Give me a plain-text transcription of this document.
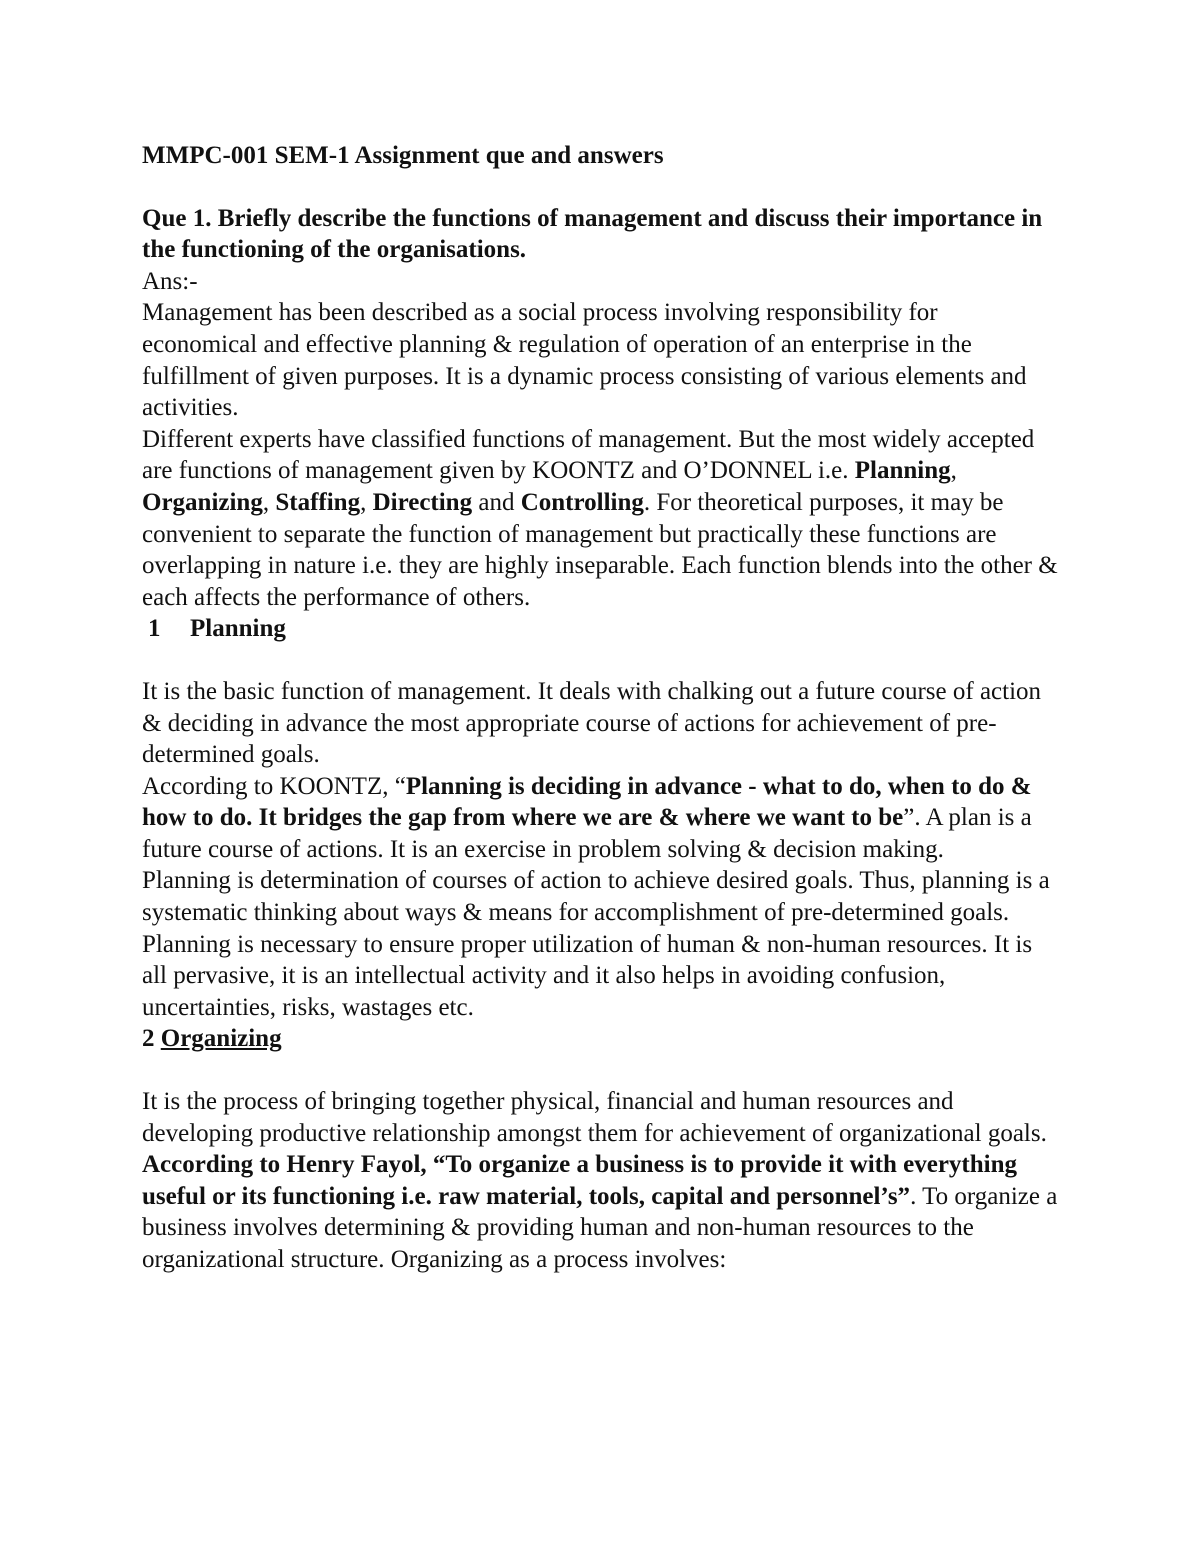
MMPC-001 SEM-1 Assignment que and answers

Que 1. Briefly describe the functions of management and discuss their importance in the functioning of the organisations.

Ans:-

Management has been described as a social process involving responsibility for economical and effective planning & regulation of operation of an enterprise in the fulfillment of given purposes. It is a dynamic process consisting of various elements and activities.

Different experts have classified functions of management. But the most widely accepted are functions of management given by KOONTZ and O’DONNEL i.e. Planning, Organizing, Staffing, Directing and Controlling. For theoretical purposes, it may be convenient to separate the function of management but practically these functions are overlapping in nature i.e. they are highly inseparable. Each function blends into the other & each affects the performance of others.

1 Planning

It is the basic function of management. It deals with chalking out a future course of action & deciding in advance the most appropriate course of actions for achievement of pre-determined goals.

According to KOONTZ, “Planning is deciding in advance - what to do, when to do & how to do. It bridges the gap from where we are & where we want to be”. A plan is a future course of actions. It is an exercise in problem solving & decision making.

Planning is determination of courses of action to achieve desired goals. Thus, planning is a systematic thinking about ways & means for accomplishment of pre-determined goals. Planning is necessary to ensure proper utilization of human & non-human resources. It is all pervasive, it is an intellectual activity and it also helps in avoiding confusion, uncertainties, risks, wastages etc.

2 Organizing

It is the process of bringing together physical, financial and human resources and developing productive relationship amongst them for achievement of organizational goals. According to Henry Fayol, “To organize a business is to provide it with everything useful or its functioning i.e. raw material, tools, capital and personnel’s”. To organize a business involves determining & providing human and non-human resources to the organizational structure. Organizing as a process involves:
